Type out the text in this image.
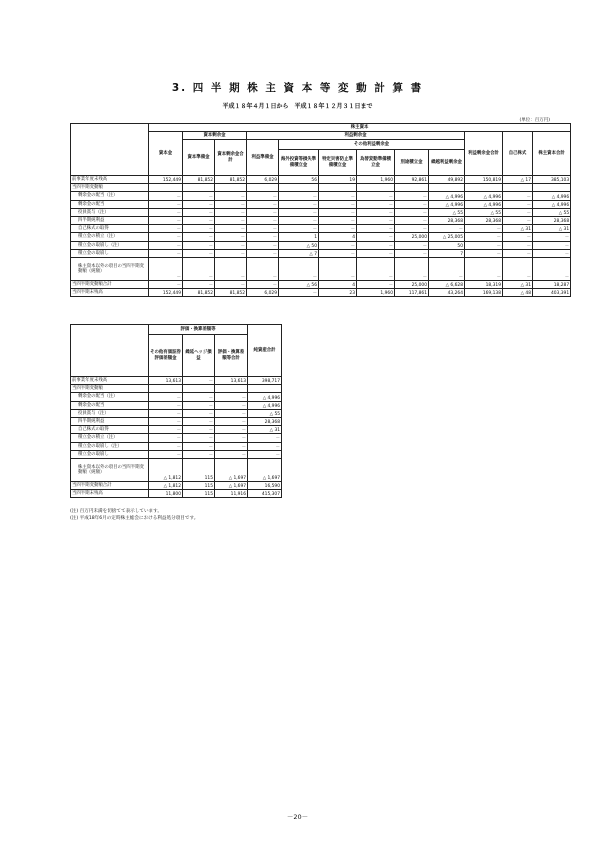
3. 四 半 期 株 主 資 本 等 変 動 計 算 書
平成１８年４月１日から　平成１８年１２月３１日まで
(単位：百万円)
	株主資本											
	資本金	資本剰余金		利益剰余金						利益剰余金合計	自己株式	株主資本合計
		資本準備金	資本剰余金合計	利益準備金	その他利益剰余金							
					海外投資等損失準備積立金	特定災害防止準備積立金	為替変動準備積立金	別途積立金	繰越利益剰余金			
前事業年度末残高	152,449	81,852	81,852	6,029	56	19	1,960	92,861	49,892	150,819	△ 17	385,103
当四半期変動額												
剰余金の配当（注）	－	－	－	－	－	－	－	－	△ 4,996	△ 4,996	－	△ 4,996
剰余金の配当	－	－	－	－	－	－	－	－	△ 4,996	△ 4,996	－	△ 4,996
役員賞与（注）	－	－	－	－	－	－	－	－	△ 55	△ 55	－	△ 55
四半期純利益	－	－	－	－	－	－	－	－	28,368	28,368	－	28,368
自己株式の取得	－	－	－	－	－	－	－	－	－	－	△ 31	△ 31
積立金の積立（注）	－	－	－	－	1	4	－	25,000	△ 25,005	－	－	－
積立金の取崩し（注）	－	－	－	－	△ 50	－	－	－	50	－	－	－
積立金の取崩し	－	－	－	－	△ 7	－	－	－	7	－	－	－
株主資本以外の項目の当四半期変動額（純額）	－	－	－	－	－	－	－	－	－	－	－	－
当四半期変動額合計	－	－	－	－	△ 56	4	－	25,000	△ 6,628	18,319	△ 31	18,287
当四半期末残高	152,449	81,852	81,852	6,029	－	23	1,960	117,861	43,264	169,138	△ 48	403,391
	評価・換算差額等			純資産合計
	その他有価証券評価差額金	繰延ヘッジ損益	評価・換算差額等合計	
前事業年度末残高	13,613	－	13,613	398,717
当四半期変動額				
剰余金の配当（注）	－	－	－	△ 4,996
剰余金の配当	－	－	－	△ 4,996
役員賞与（注）	－	－	－	△ 55
四半期純利益	－	－	－	28,368
自己株式の取得	－	－	－	△ 31
積立金の積立（注）	－	－	－	－
積立金の取崩し（注）	－	－	－	－
積立金の取崩し	－	－	－	－
株主資本以外の項目の当四半期変動額（純額）	△ 1,812	115	△ 1,697	△ 1,697
当四半期変動額合計	△ 1,812	115	△ 1,697	16,590
当四半期末残高	11,800	115	11,916	415,307
(注) 百万円未満を切捨てて表示しています。
(注) 平成18年6月の定時株主総会における利益処分項目です。
－20－
